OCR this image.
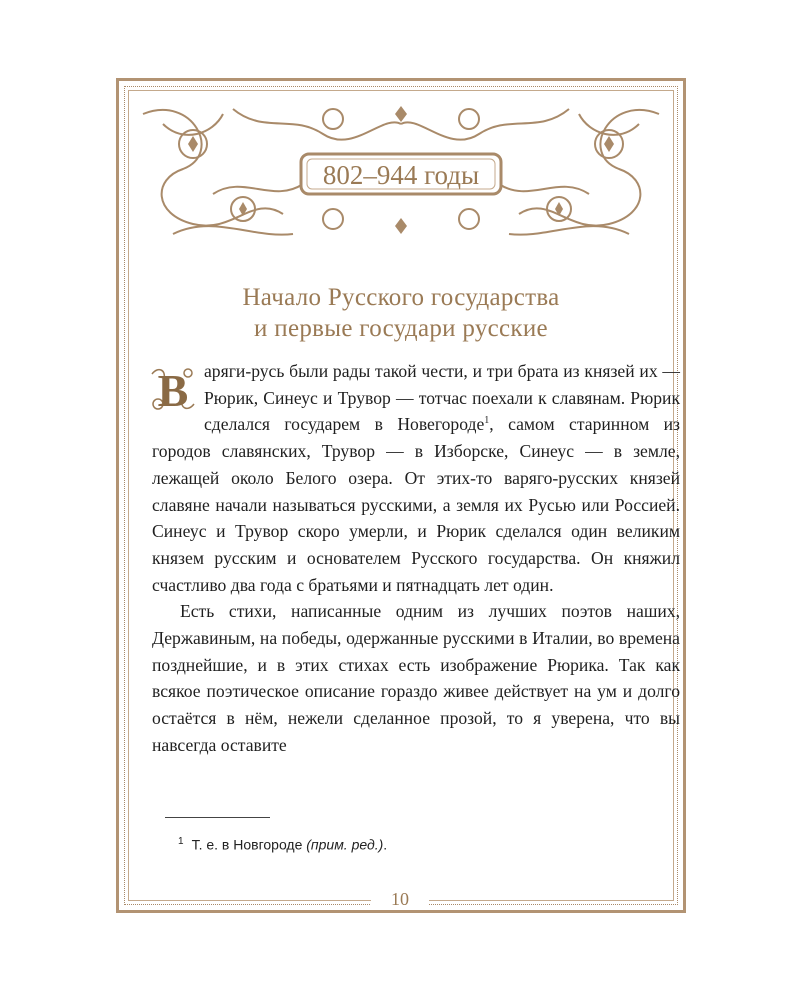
802–944 годы
Начало Русского государства
и первые государи русские

В аряги-русь были рады такой чести, и три брата из князей их — Рюрик, Синеус и Трувор — тотчас поехали к славянам. Рюрик сделался государем в Новегороде$^1$, самом старинном из городов славянских, Трувор — в Изборске, Синеус — в земле, лежащей около Белого озера. От этих-то варяго-русских князей славяне начали называться русскими, а земля их Русью или Россией. Синеус и Трувор скоро умерли, и Рюрик сделался один великим князем русским и основателем Русского государства. Он княжил счастливо два года с братьями и пятнадцать лет один.

Есть стихи, написанные одним из лучших поэтов наших, Державиным, на победы, одержанные русскими в Италии, во времена позднейшие, и в этих стихах есть изображение Рюрика. Так как всякое поэтическое описание гораздо живее действует на ум и долго остаётся в нём, нежели сделанное прозой, то я уверена, что вы навсегда оставите

$^1$ Т. е. в Новгороде (прим. ред.).
10
